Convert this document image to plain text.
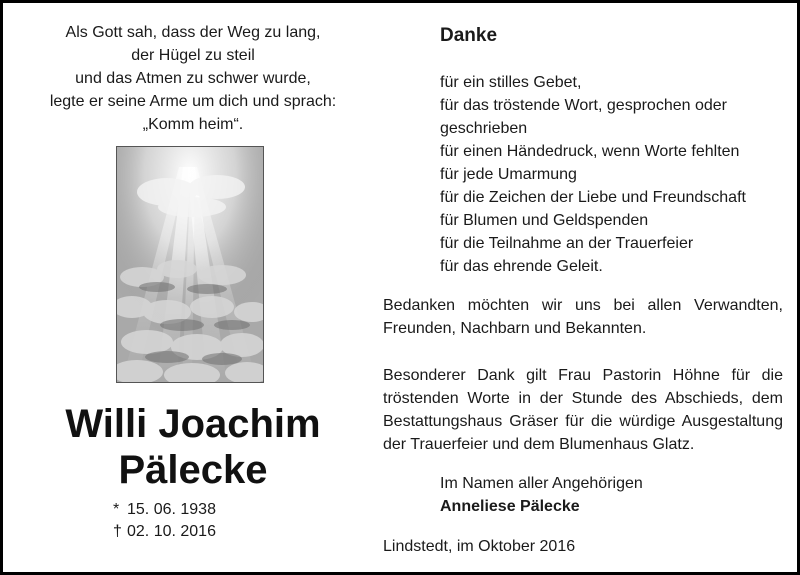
Als Gott sah, dass der Weg zu lang,
der Hügel zu steil
und das Atmen zu schwer wurde,
legte er seine Arme um dich und sprach:
„Komm heim“.
Willi Joachim
Pälecke
* 15. 06. 1938
† 02. 10. 2016
Danke
für ein stilles Gebet,
für das tröstende Wort, gesprochen oder
geschrieben
für einen Händedruck, wenn Worte fehlten
für jede Umarmung
für die Zeichen der Liebe und Freundschaft
für Blumen und Geldspenden
für die Teilnahme an der Trauerfeier
für das ehrende Geleit.
Bedanken möchten wir uns bei allen Verwandten, Freunden, Nachbarn und Bekannten.
Besonderer Dank gilt Frau Pastorin Höhne für die tröstenden Worte in der Stunde des Abschieds, dem Bestattungshaus Gräser für die würdige Ausgestaltung der Trauerfeier und dem Blumenhaus Glatz.
Im Namen aller Angehörigen
Anneliese Pälecke
Lindstedt, im Oktober 2016
